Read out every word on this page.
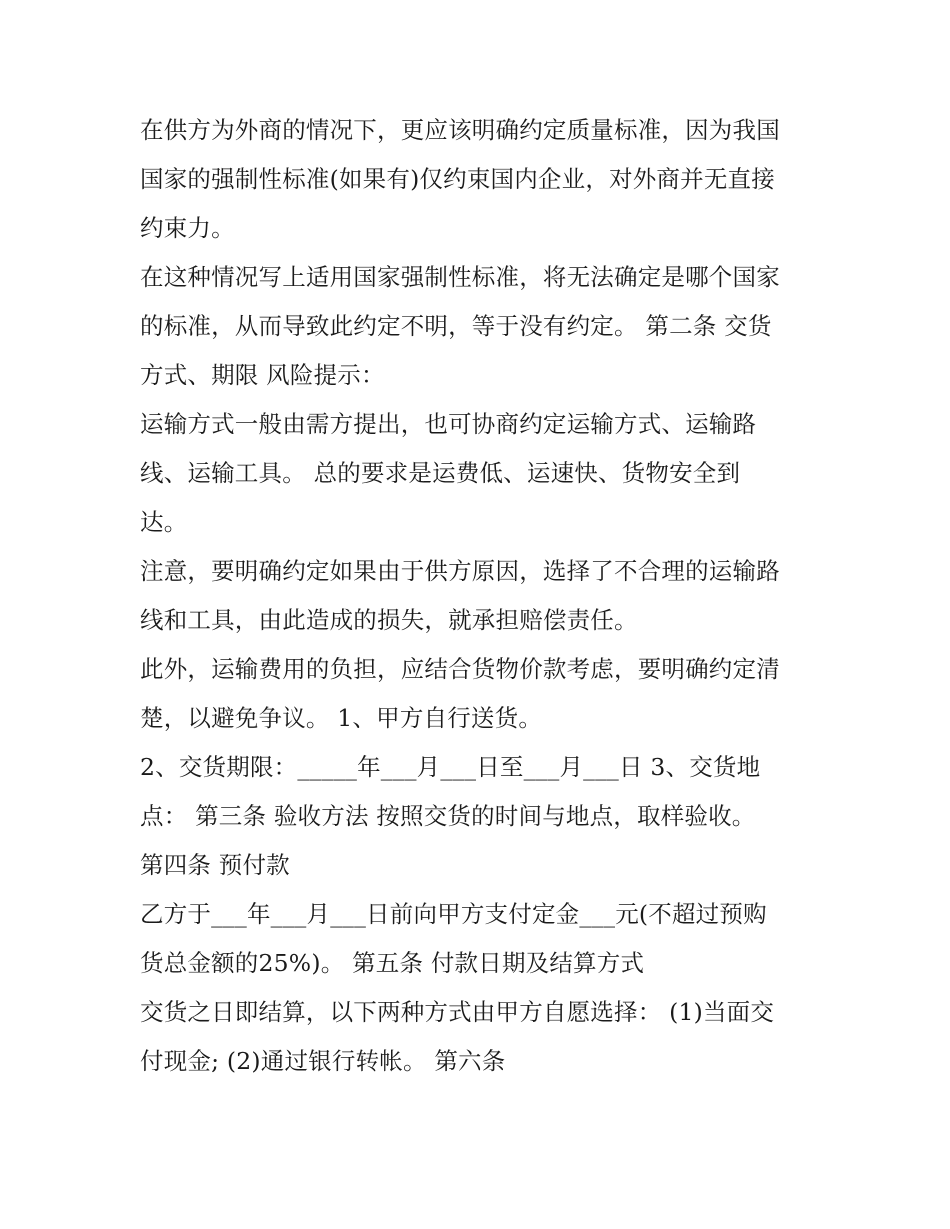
在供方为外商的情况下，更应该明确约定质量标准，因为我国
国家的强制性标准(如果有)仅约束国内企业，对外商并无直接
约束力。
在这种情况写上适用国家强制性标准，将无法确定是哪个国家
的标准，从而导致此约定不明，等于没有约定。 第二条 交货
方式、期限 风险提示：
运输方式一般由需方提出，也可协商约定运输方式、运输路
线、运输工具。 总的要求是运费低、运速快、货物安全到
达。
注意，要明确约定如果由于供方原因，选择了不合理的运输路
线和工具，由此造成的损失，就承担赔偿责任。
此外，运输费用的负担，应结合货物价款考虑，要明确约定清
楚，以避免争议。 1、甲方自行送货。
2、交货期限：_____年___月___日至___月___日 3、交货地
点： 第三条 验收方法 按照交货的时间与地点，取样验收。
第四条 预付款
乙方于___年___月___日前向甲方支付定金___元(不超过预购
货总金额的25%)。 第五条 付款日期及结算方式
交货之日即结算，以下两种方式由甲方自愿选择： (1)当面交
付现金; (2)通过银行转帐。 第六条
